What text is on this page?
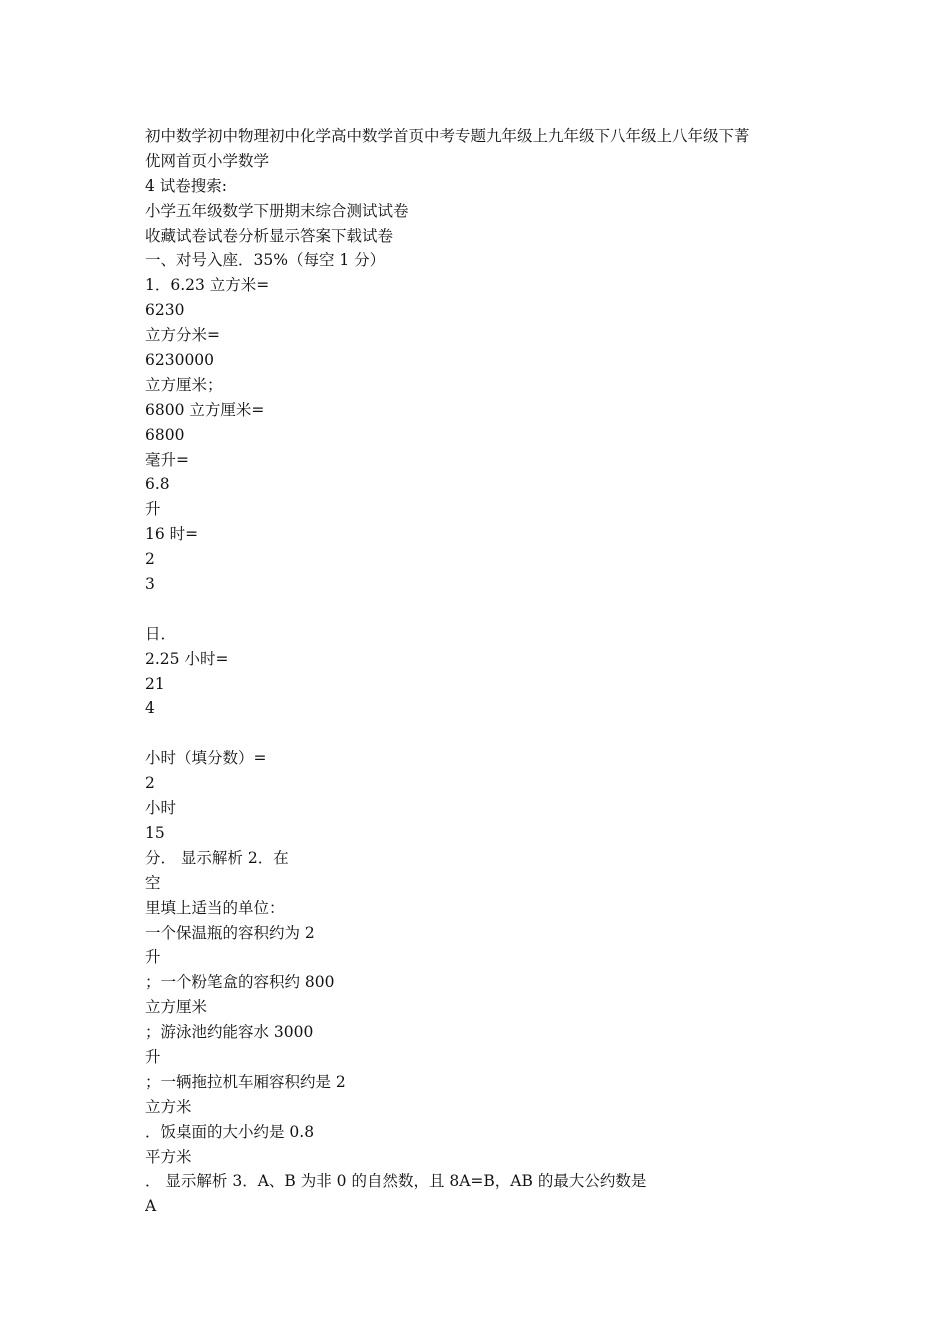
初中数学初中物理初中化学高中数学首页中考专题九年级上九年级下八年级上八年级下菁
优网首页小学数学
4 试卷搜索:
小学五年级数学下册期末综合测试试卷
收藏试卷试卷分析显示答案下载试卷
一、对号入座．35%（每空 1 分）
1．6.23 立方米=
6230
立方分米=
6230000
立方厘米；
6800 立方厘米=
6800
毫升=
6.8
升
16 时=
2
3
日．
2.25 小时=
21
4
小时（填分数）=
2
小时
15
分． 显示解析 2．在
空
里填上适当的单位：
一个保温瓶的容积约为 2
升
；一个粉笔盒的容积约 800
立方厘米
；游泳池约能容水 3000
升
；一辆拖拉机车厢容积约是 2
立方米
．饭桌面的大小约是 0.8
平方米
． 显示解析 3．A、B 为非 0 的自然数，且 8A=B，AB 的最大公约数是
A
